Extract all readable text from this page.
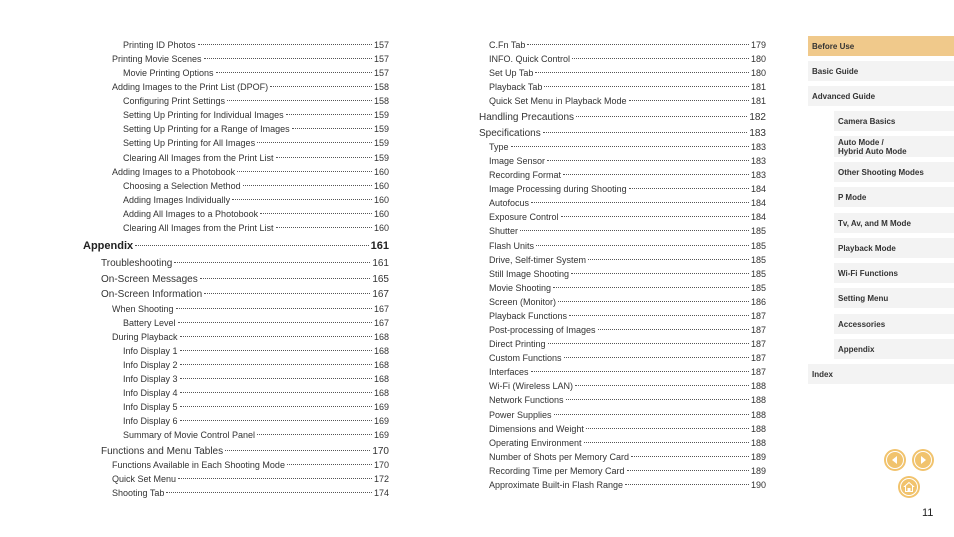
Printing ID Photos	157
Printing Movie Scenes	157
Movie Printing Options	157
Adding Images to the Print List (DPOF)	158
Configuring Print Settings	158
Setting Up Printing for Individual Images	159
Setting Up Printing for a Range of Images	159
Setting Up Printing for All Images	159
Clearing All Images from the Print List	159
Adding Images to a Photobook	160
Choosing a Selection Method	160
Adding Images Individually	160
Adding All Images to a Photobook	160
Clearing All Images from the Print List	160
Appendix	161
Troubleshooting	161
On-Screen Messages	165
On-Screen Information	167
When Shooting	167
Battery Level	167
During Playback	168
Info Display 1	168
Info Display 2	168
Info Display 3	168
Info Display 4	168
Info Display 5	169
Info Display 6	169
Summary of Movie Control Panel	169
Functions and Menu Tables	170
Functions Available in Each Shooting Mode	170
Quick Set Menu	172
Shooting Tab	174
C.Fn Tab	179
INFO. Quick Control	180
Set Up Tab	180
Playback Tab	181
Quick Set Menu in Playback Mode	181
Handling Precautions	182
Specifications	183
Type	183
Image Sensor	183
Recording Format	183
Image Processing during Shooting	184
Autofocus	184
Exposure Control	184
Shutter	185
Flash Units	185
Drive, Self-timer System	185
Still Image Shooting	185
Movie Shooting	185
Screen (Monitor)	186
Playback Functions	187
Post-processing of Images	187
Direct Printing	187
Custom Functions	187
Interfaces	187
Wi-Fi (Wireless LAN)	188
Network Functions	188
Power Supplies	188
Dimensions and Weight	188
Operating Environment	188
Number of Shots per Memory Card	189
Recording Time per Memory Card	189
Approximate Built-in Flash Range	190
Before Use
Basic Guide
Advanced Guide
Camera Basics
Auto Mode /
Hybrid Auto Mode
Other Shooting Modes
P Mode
Tv, Av, and M Mode
Playback Mode
Wi-Fi Functions
Setting Menu
Accessories
Appendix
Index
11
